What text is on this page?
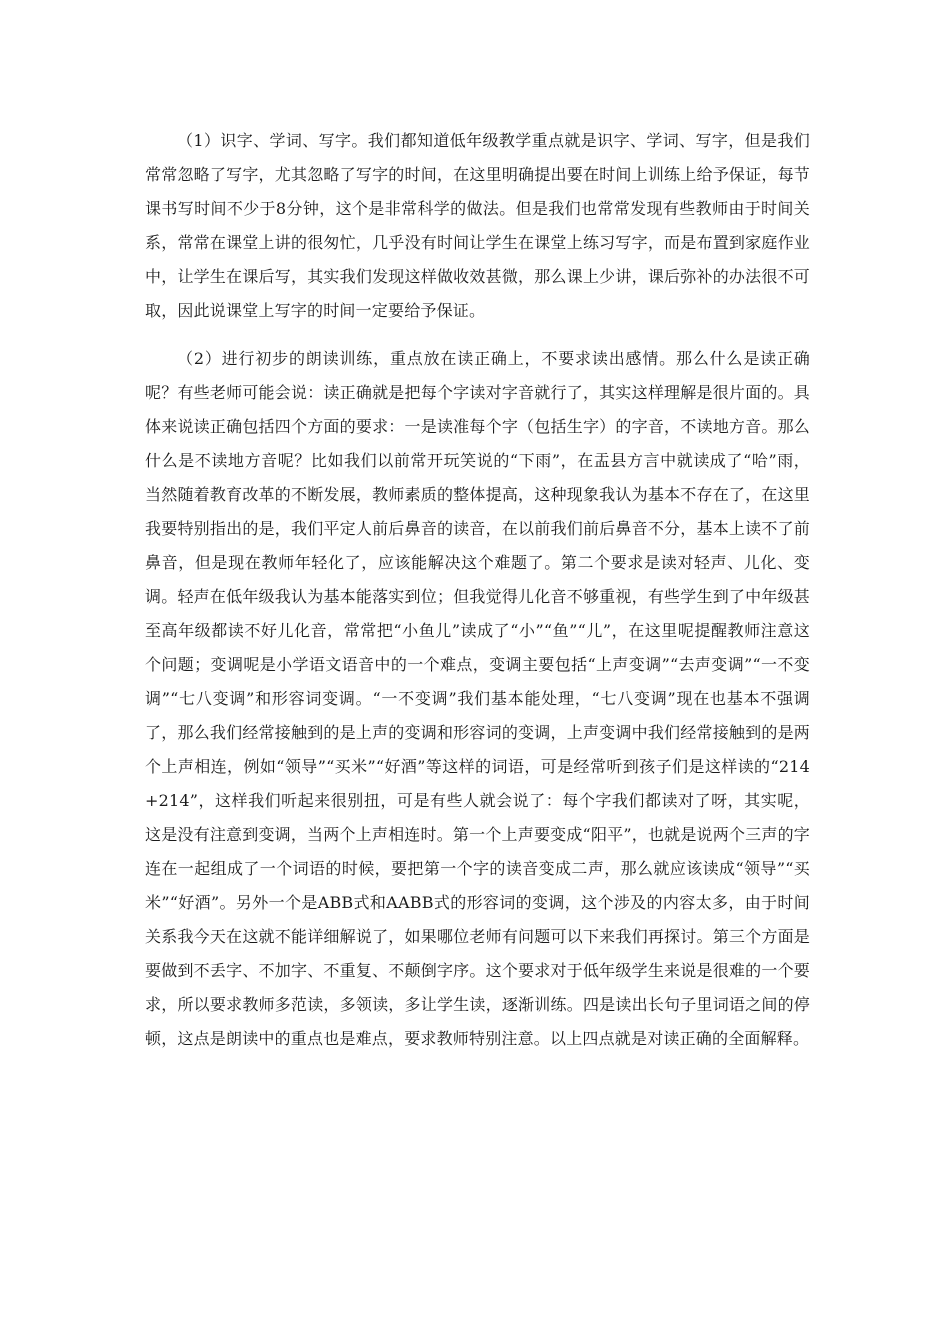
（1）识字、学词、写字。我们都知道低年级教学重点就是识字、学词、写字，但是我们常常忽略了写字，尤其忽略了写字的时间，在这里明确提出要在时间上训练上给予保证，每节课书写时间不少于8分钟，这个是非常科学的做法。但是我们也常常发现有些教师由于时间关系，常常在课堂上讲的很匆忙，几乎没有时间让学生在课堂上练习写字，而是布置到家庭作业中，让学生在课后写，其实我们发现这样做收效甚微，那么课上少讲，课后弥补的办法很不可取，因此说课堂上写字的时间一定要给予保证。

（2）进行初步的朗读训练，重点放在读正确上，不要求读出感情。那么什么是读正确呢？有些老师可能会说：读正确就是把每个字读对字音就行了，其实这样理解是很片面的。具体来说读正确包括四个方面的要求：一是读准每个字（包括生字）的字音，不读地方音。那么什么是不读地方音呢？比如我们以前常开玩笑说的“下雨”，在盂县方言中就读成了“哈”雨，当然随着教育改革的不断发展，教师素质的整体提高，这种现象我认为基本不存在了，在这里我要特别指出的是，我们平定人前后鼻音的读音，在以前我们前后鼻音不分，基本上读不了前鼻音，但是现在教师年轻化了，应该能解决这个难题了。第二个要求是读对轻声、儿化、变调。轻声在低年级我认为基本能落实到位；但我觉得儿化音不够重视，有些学生到了中年级甚至高年级都读不好儿化音，常常把“小鱼儿”读成了“小”“鱼”“儿”，在这里呢提醒教师注意这个问题；变调呢是小学语文语音中的一个难点，变调主要包括“上声变调”“去声变调”“一不变调”“七八变调”和形容词变调。“一不变调”我们基本能处理，“七八变调”现在也基本不强调了，那么我们经常接触到的是上声的变调和形容词的变调，上声变调中我们经常接触到的是两个上声相连，例如“领导”“买米”“好酒”等这样的词语，可是经常听到孩子们是这样读的“214+214”，这样我们听起来很别扭，可是有些人就会说了：每个字我们都读对了呀，其实呢，这是没有注意到变调，当两个上声相连时。第一个上声要变成“阳平”，也就是说两个三声的字连在一起组成了一个词语的时候，要把第一个字的读音变成二声，那么就应该读成“领导”“买米”“好酒”。另外一个是ABB式和AABB式的形容词的变调，这个涉及的内容太多，由于时间关系我今天在这就不能详细解说了，如果哪位老师有问题可以下来我们再探讨。第三个方面是要做到不丢字、不加字、不重复、不颠倒字序。这个要求对于低年级学生来说是很难的一个要求，所以要求教师多范读，多领读，多让学生读，逐渐训练。四是读出长句子里词语之间的停顿，这点是朗读中的重点也是难点，要求教师特别注意。以上四点就是对读正确的全面解释。
